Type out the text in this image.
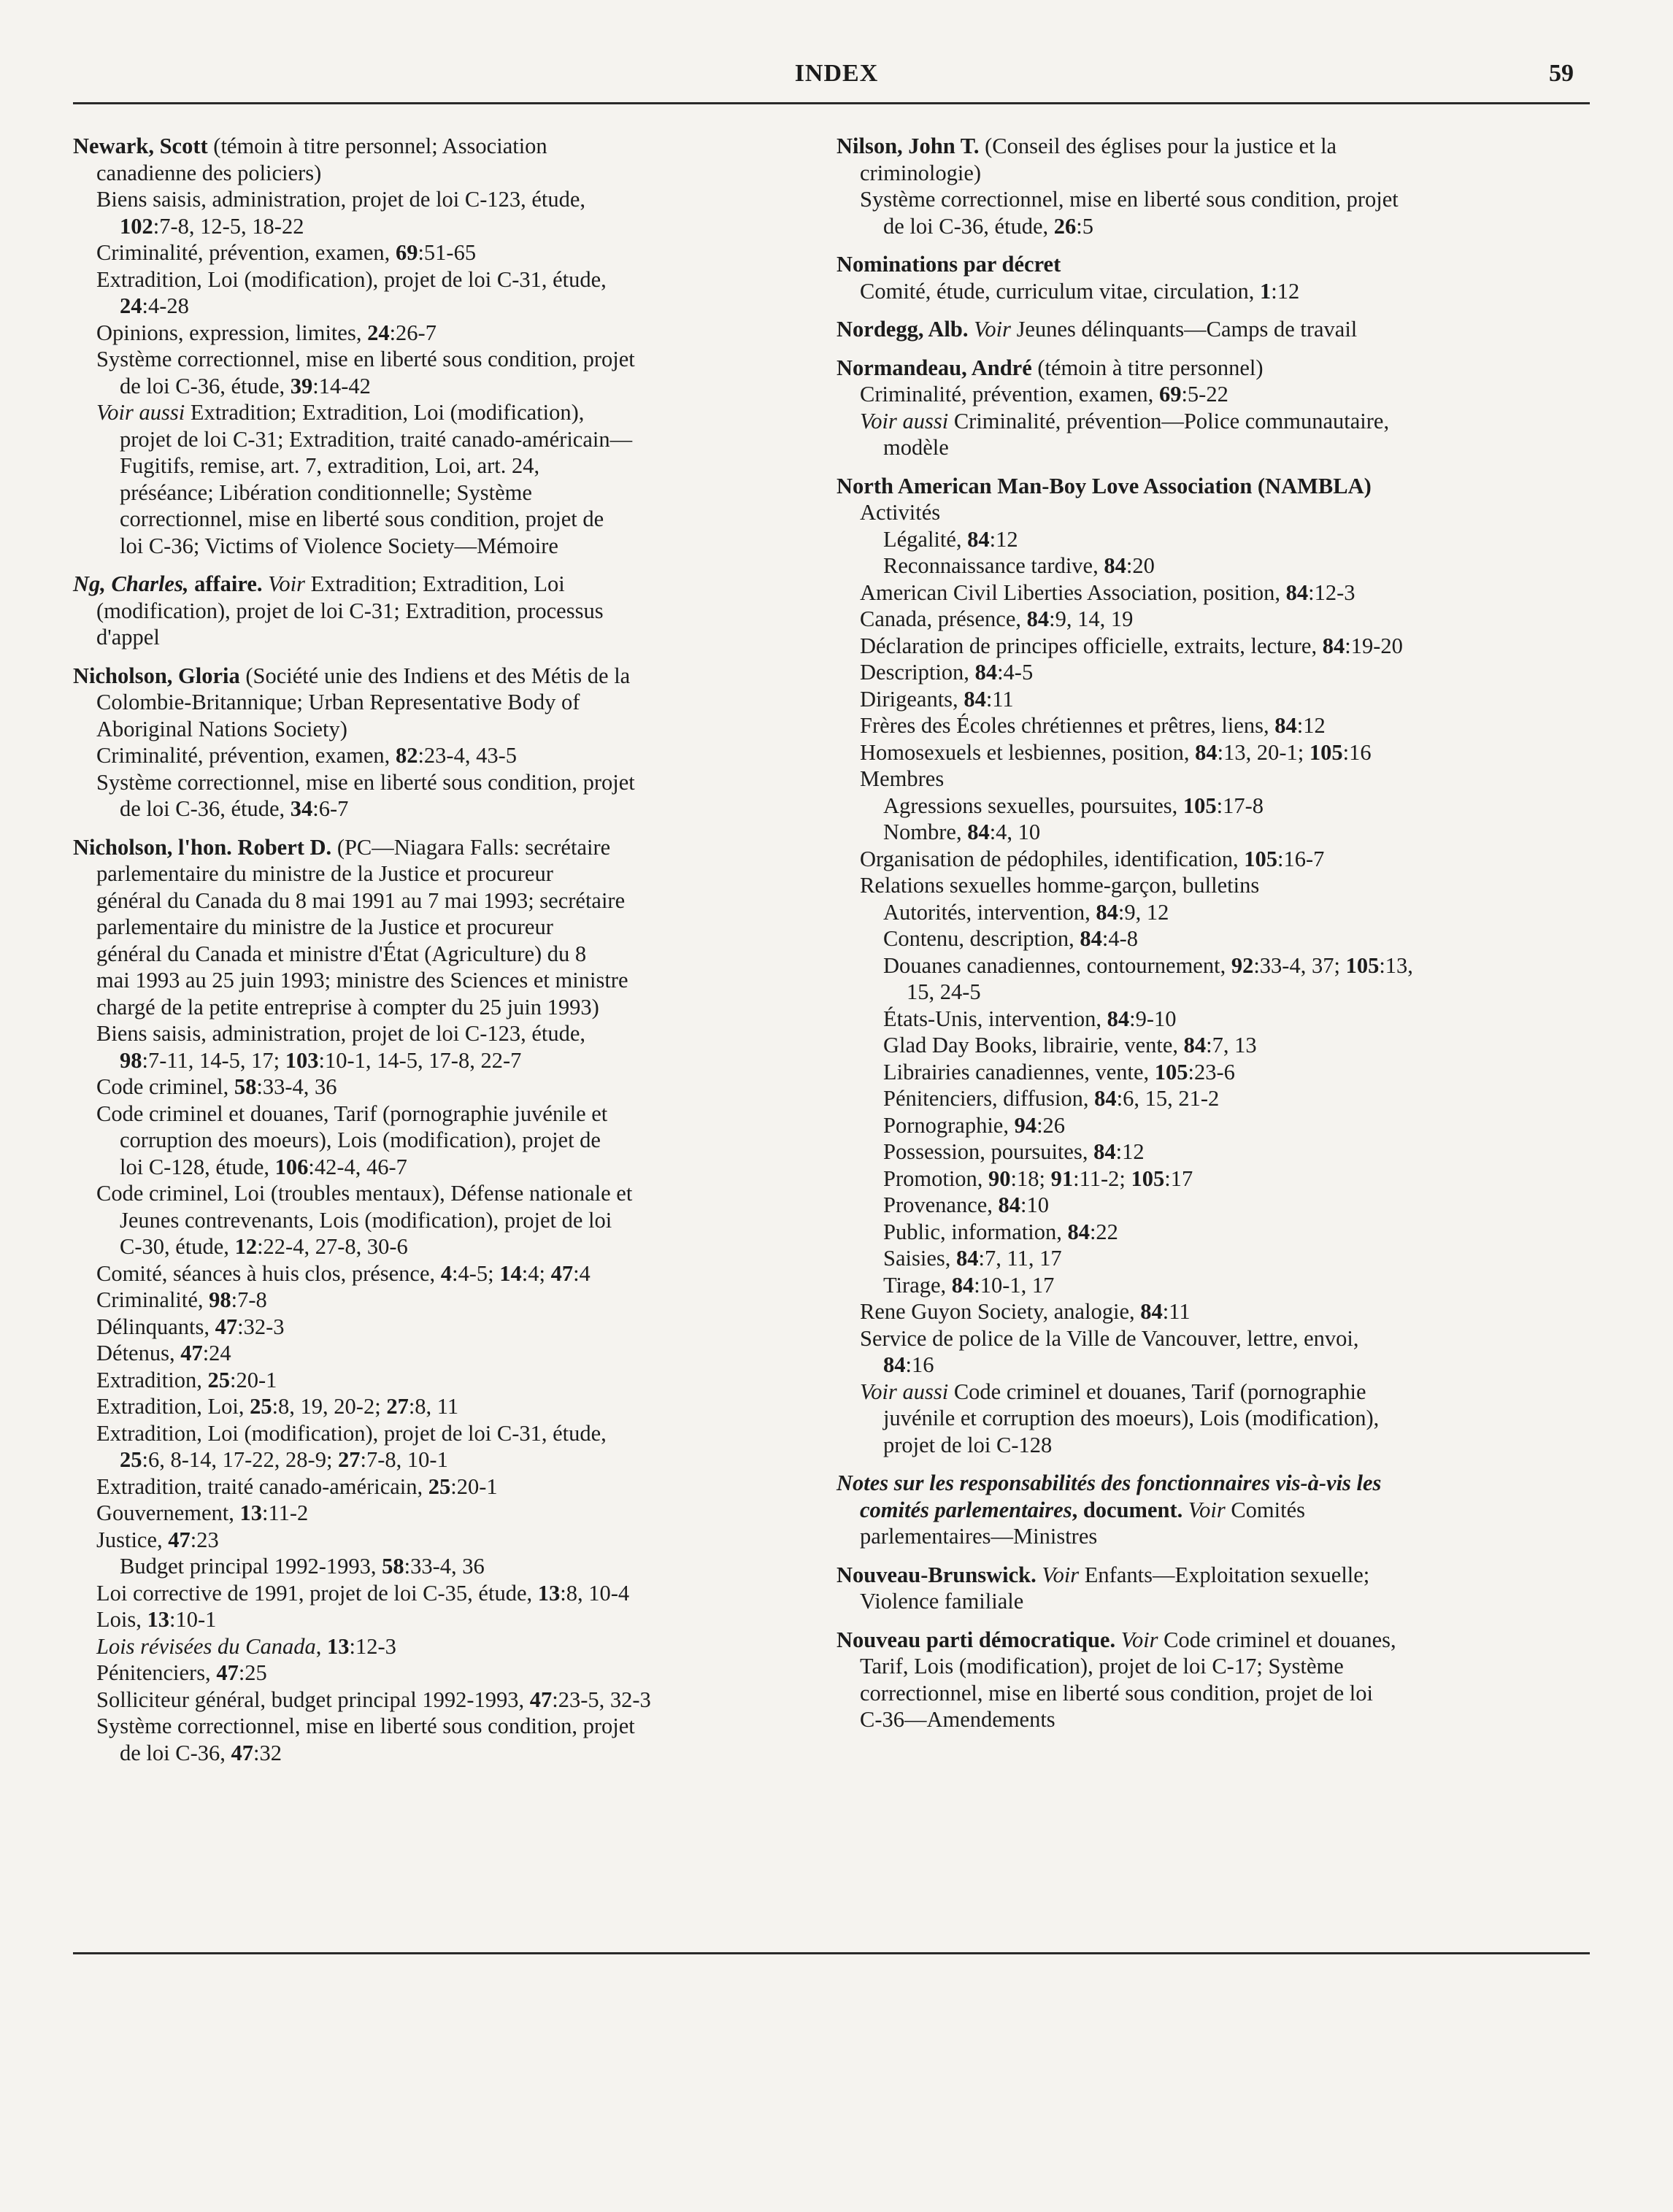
INDEX	59
Newark, Scott (témoin à titre personnel; Association
canadienne des policiers)
Biens saisis, administration, projet de loi C-123, étude,
102:7-8, 12-5, 18-22
Criminalité, prévention, examen, 69:51-65
Extradition, Loi (modification), projet de loi C-31, étude,
24:4-28
Opinions, expression, limites, 24:26-7
Système correctionnel, mise en liberté sous condition, projet
de loi C-36, étude, 39:14-42
Voir aussi Extradition; Extradition, Loi (modification),
projet de loi C-31; Extradition, traité canado-américain—
Fugitifs, remise, art. 7, extradition, Loi, art. 24,
préséance; Libération conditionnelle; Système
correctionnel, mise en liberté sous condition, projet de
loi C-36; Victims of Violence Society—Mémoire
Ng, Charles, affaire. Voir Extradition; Extradition, Loi
(modification), projet de loi C-31; Extradition, processus
d'appel
Nicholson, Gloria (Société unie des Indiens et des Métis de la
Colombie-Britannique; Urban Representative Body of
Aboriginal Nations Society)
Criminalité, prévention, examen, 82:23-4, 43-5
Système correctionnel, mise en liberté sous condition, projet
de loi C-36, étude, 34:6-7
Nicholson, l'hon. Robert D. (PC—Niagara Falls: secrétaire
parlementaire du ministre de la Justice et procureur
général du Canada du 8 mai 1991 au 7 mai 1993; secrétaire
parlementaire du ministre de la Justice et procureur
général du Canada et ministre d'État (Agriculture) du 8
mai 1993 au 25 juin 1993; ministre des Sciences et ministre
chargé de la petite entreprise à compter du 25 juin 1993)
Biens saisis, administration, projet de loi C-123, étude,
98:7-11, 14-5, 17; 103:10-1, 14-5, 17-8, 22-7
Code criminel, 58:33-4, 36
Code criminel et douanes, Tarif (pornographie juvénile et
corruption des moeurs), Lois (modification), projet de
loi C-128, étude, 106:42-4, 46-7
Code criminel, Loi (troubles mentaux), Défense nationale et
Jeunes contrevenants, Lois (modification), projet de loi
C-30, étude, 12:22-4, 27-8, 30-6
Comité, séances à huis clos, présence, 4:4-5; 14:4; 47:4
Criminalité, 98:7-8
Délinquants, 47:32-3
Détenus, 47:24
Extradition, 25:20-1
Extradition, Loi, 25:8, 19, 20-2; 27:8, 11
Extradition, Loi (modification), projet de loi C-31, étude,
25:6, 8-14, 17-22, 28-9; 27:7-8, 10-1
Extradition, traité canado-américain, 25:20-1
Gouvernement, 13:11-2
Justice, 47:23
Budget principal 1992-1993, 58:33-4, 36
Loi corrective de 1991, projet de loi C-35, étude, 13:8, 10-4
Lois, 13:10-1
Lois révisées du Canada, 13:12-3
Pénitenciers, 47:25
Solliciteur général, budget principal 1992-1993, 47:23-5, 32-3
Système correctionnel, mise en liberté sous condition, projet
de loi C-36, 47:32
Nilson, John T. (Conseil des églises pour la justice et la
criminologie)
Système correctionnel, mise en liberté sous condition, projet
de loi C-36, étude, 26:5
Nominations par décret
Comité, étude, curriculum vitae, circulation, 1:12
Nordegg, Alb. Voir Jeunes délinquants—Camps de travail
Normandeau, André (témoin à titre personnel)
Criminalité, prévention, examen, 69:5-22
Voir aussi Criminalité, prévention—Police communautaire,
modèle
North American Man-Boy Love Association (NAMBLA)
Activités
Légalité, 84:12
Reconnaissance tardive, 84:20
American Civil Liberties Association, position, 84:12-3
Canada, présence, 84:9, 14, 19
Déclaration de principes officielle, extraits, lecture, 84:19-20
Description, 84:4-5
Dirigeants, 84:11
Frères des Écoles chrétiennes et prêtres, liens, 84:12
Homosexuels et lesbiennes, position, 84:13, 20-1; 105:16
Membres
Agressions sexuelles, poursuites, 105:17-8
Nombre, 84:4, 10
Organisation de pédophiles, identification, 105:16-7
Relations sexuelles homme-garçon, bulletins
Autorités, intervention, 84:9, 12
Contenu, description, 84:4-8
Douanes canadiennes, contournement, 92:33-4, 37; 105:13,
15, 24-5
États-Unis, intervention, 84:9-10
Glad Day Books, librairie, vente, 84:7, 13
Librairies canadiennes, vente, 105:23-6
Pénitenciers, diffusion, 84:6, 15, 21-2
Pornographie, 94:26
Possession, poursuites, 84:12
Promotion, 90:18; 91:11-2; 105:17
Provenance, 84:10
Public, information, 84:22
Saisies, 84:7, 11, 17
Tirage, 84:10-1, 17
Rene Guyon Society, analogie, 84:11
Service de police de la Ville de Vancouver, lettre, envoi,
84:16
Voir aussi Code criminel et douanes, Tarif (pornographie
juvénile et corruption des moeurs), Lois (modification),
projet de loi C-128
Notes sur les responsabilités des fonctionnaires vis-à-vis les
comités parlementaires, document. Voir Comités
parlementaires—Ministres
Nouveau-Brunswick. Voir Enfants—Exploitation sexuelle;
Violence familiale
Nouveau parti démocratique. Voir Code criminel et douanes,
Tarif, Lois (modification), projet de loi C-17; Système
correctionnel, mise en liberté sous condition, projet de loi
C-36—Amendements
